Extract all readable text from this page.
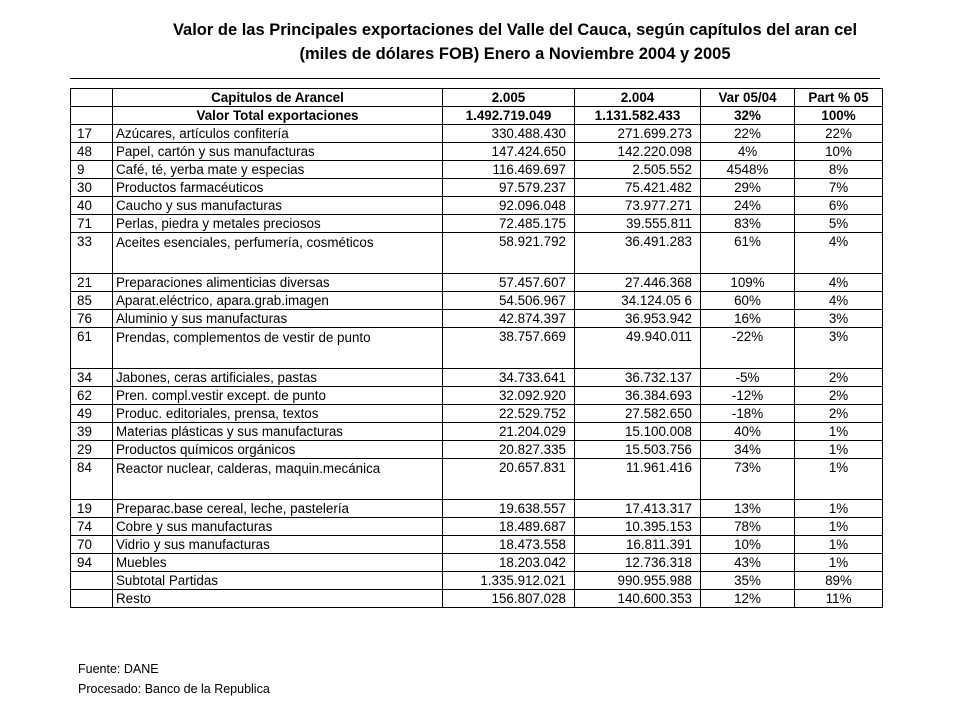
Valor de las Principales exportaciones del Valle del Cauca, según capítulos del aran cel
(miles de dólares FOB) Enero a Noviembre 2004 y 2005
	Capitulos de Arancel	2.005	2.004	Var 05/04	Part % 05
	Valor Total exportaciones	1.492.719.049	1.131.582.433	32%	100%
17	Azúcares, artículos confitería	330.488.430	271.699.273	22%	22%
48	Papel, cartón y sus manufacturas	147.424.650	142.220.098	4%	10%
9	Café, té, yerba mate y especias	116.469.697	2.505.552	4548%	8%
30	Productos farmacéuticos	97.579.237	75.421.482	29%	7%
40	Caucho y sus manufacturas	92.096.048	73.977.271	24%	6%
71	Perlas, piedra y metales preciosos	72.485.175	39.555.811	83%	5%
33	Aceites esenciales, perfumería, cosméticos	58.921.792	36.491.283	61%	4%
21	Preparaciones alimenticias diversas	57.457.607	27.446.368	109%	4%
85	Aparat.eléctrico, apara.grab.imagen	54.506.967	34.124.05 6	60%	4%
76	Aluminio y sus manufacturas	42.874.397	36.953.942	16%	3%
61	Prendas, complementos de vestir de punto	38.757.669	49.940.011	-22%	3%
34	Jabones, ceras artificiales, pastas	34.733.641	36.732.137	-5%	2%
62	Pren. compl.vestir except. de punto	32.092.920	36.384.693	-12%	2%
49	Produc. editoriales, prensa, textos	22.529.752	27.582.650	-18%	2%
39	Materias plásticas y sus manufacturas	21.204.029	15.100.008	40%	1%
29	Productos químicos orgánicos	20.827.335	15.503.756	34%	1%
84	Reactor nuclear, calderas, maquin.mecánica	20.657.831	11.961.416	73%	1%
19	Preparac.base cereal, leche, pastelería	19.638.557	17.413.317	13%	1%
74	Cobre y sus manufacturas	18.489.687	10.395.153	78%	1%
70	Vidrio y sus manufacturas	18.473.558	16.811.391	10%	1%
94	Muebles	18.203.042	12.736.318	43%	1%
	Subtotal Partidas	1.335.912.021	990.955.988	35%	89%
	Resto	156.807.028	140.600.353	12%	11%
Fuente: DANE
Procesado: Banco de la Republica
